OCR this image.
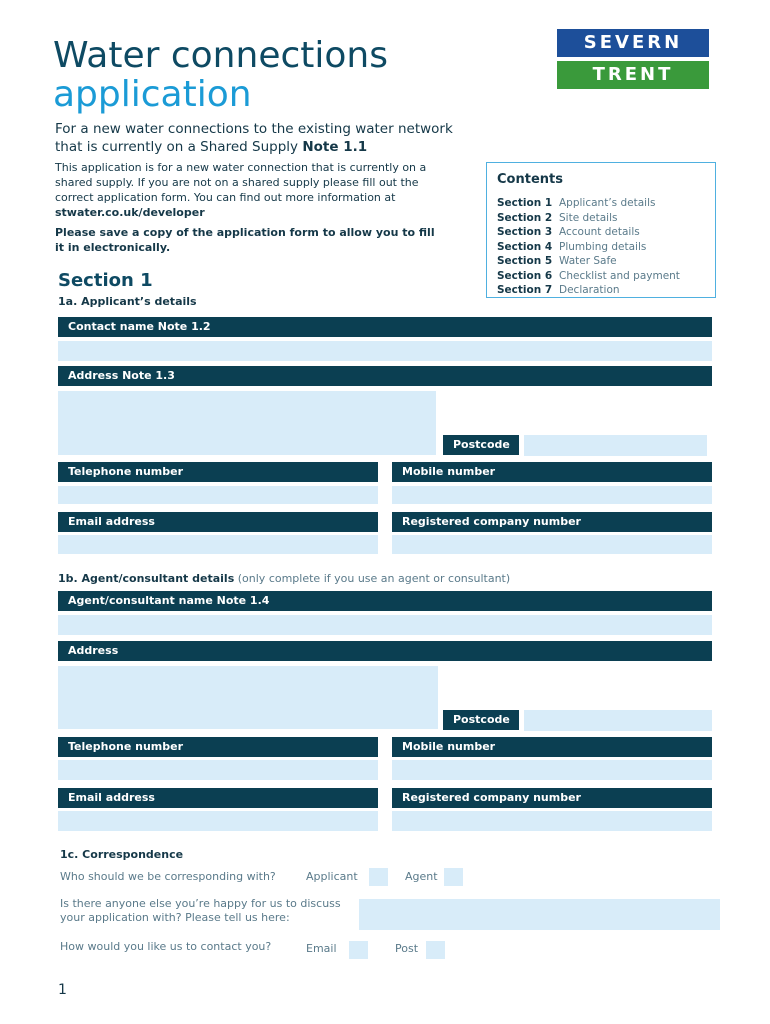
Water connections
application
SEVERN
TRENT
For a new water connections to the existing water network that is currently on a Shared Supply Note 1.1
This application is for a new water connection that is currently on a shared supply. If you are not on a shared supply please fill out the correct application form. You can find out more information at stwater.co.uk/developer
Please save a copy of the application form to allow you to fill it in electronically.
Contents
Section 1 Applicant’s details
Section 2 Site details
Section 3 Account details
Section 4 Plumbing details
Section 5 Water Safe
Section 6 Checklist and payment
Section 7 Declaration
Section 1
1a. Applicant’s details
Contact name Note 1.2
Address Note 1.3
Postcode
Telephone number	Mobile number
Email address	Registered company number
1b. Agent/consultant details (only complete if you use an agent or consultant)
Agent/consultant name Note 1.4
Address
Postcode
Telephone number	Mobile number
Email address	Registered company number
1c. Correspondence
Who should we be corresponding with?	Applicant	Agent
Is there anyone else you’re happy for us to discuss your application with? Please tell us here:
How would you like us to contact you?	Email	Post
1
